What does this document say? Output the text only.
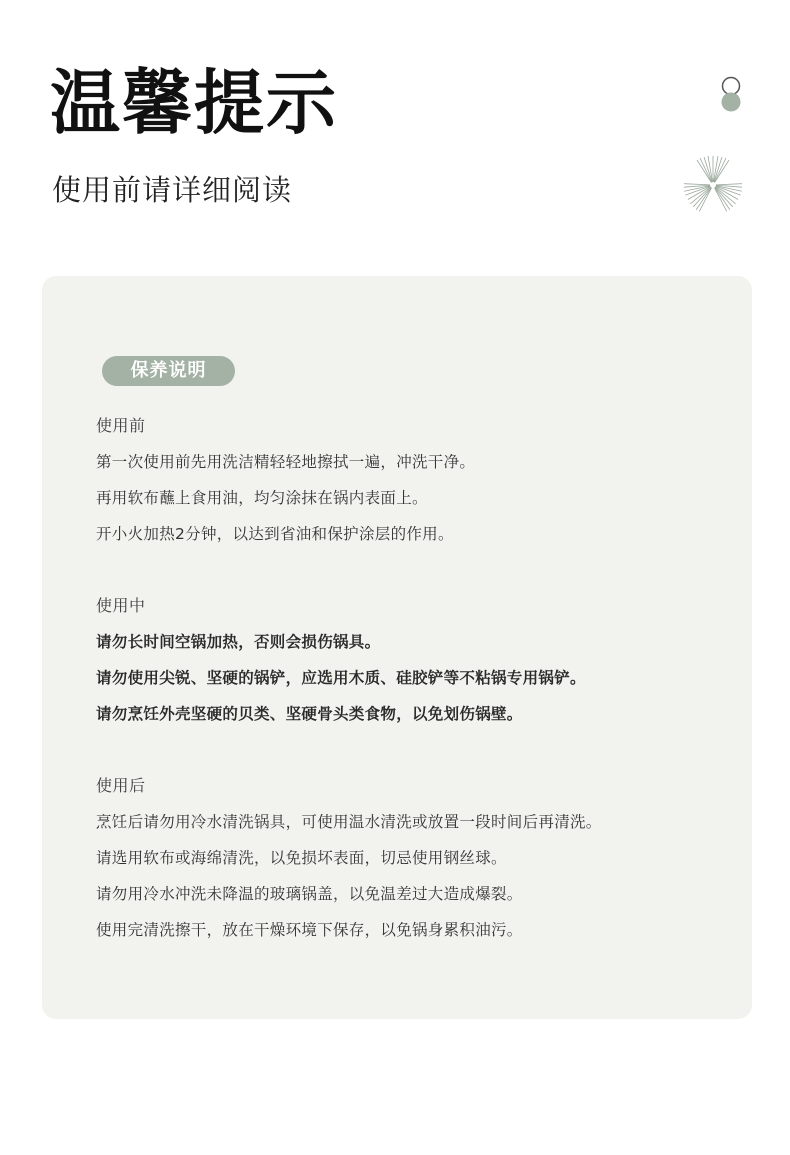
温馨提示

使用前请详细阅读

保养说明
使用前
第一次使用前先用洗洁精轻轻地擦拭一遍，冲洗干净。
再用软布蘸上食用油，均匀涂抹在锅内表面上。
开小火加热2分钟，以达到省油和保护涂层的作用。
使用中
请勿长时间空锅加热，否则会损伤锅具。
请勿使用尖锐、坚硬的锅铲，应选用木质、硅胶铲等不粘锅专用锅铲。
请勿烹饪外壳坚硬的贝类、坚硬骨头类食物，以免划伤锅壁。
使用后
烹饪后请勿用冷水清洗锅具，可使用温水清洗或放置一段时间后再清洗。
请选用软布或海绵清洗，以免损坏表面，切忌使用钢丝球。
请勿用冷水冲洗未降温的玻璃锅盖，以免温差过大造成爆裂。
使用完清洗擦干，放在干燥环境下保存，以免锅身累积油污。
